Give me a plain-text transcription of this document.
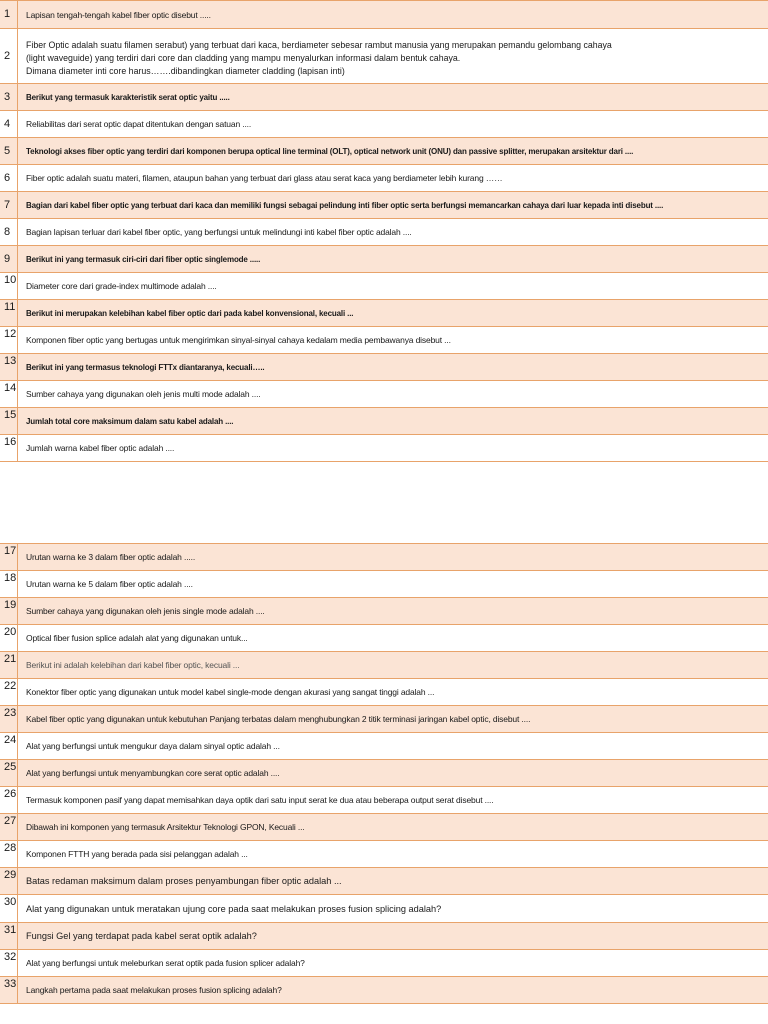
1	Lapisan tengah-tengah kabel fiber optic disebut .....
2
Fiber Optic adalah suatu filamen serabut) yang terbuat dari kaca, berdiameter sebesar rambut manusia yang merupakan pemandu gelombang cahaya
(light waveguide) yang terdiri dari core dan cladding yang mampu menyalurkan informasi dalam bentuk cahaya.
Dimana diameter inti core harus…….dibandingkan diameter cladding (lapisan inti)
3	Berikut yang termasuk karakteristik serat optic yaitu .....
4	Reliabilitas dari serat optic dapat ditentukan dengan satuan ....
5	Teknologi akses fiber optic yang terdiri dari komponen berupa optical line terminal (OLT), optical network unit (ONU) dan passive splitter, merupakan arsitektur dari ....
6	Fiber optic adalah suatu materi, filamen, ataupun bahan yang terbuat dari glass atau serat kaca yang berdiameter lebih kurang ……
7	Bagian dari kabel fiber optic yang terbuat dari kaca dan memiliki fungsi sebagai pelindung inti fiber optic serta berfungsi memancarkan cahaya dari luar kepada inti disebut ....
8	Bagian lapisan terluar dari kabel fiber optic, yang berfungsi untuk melindungi inti kabel fiber optic adalah ....
9	Berikut ini yang termasuk ciri-ciri dari fiber optic singlemode .....
10	Diameter core dari grade-index multimode adalah ....
11	Berikut ini merupakan kelebihan kabel fiber optic dari pada kabel konvensional, kecuali ...
12	Komponen fiber optic yang bertugas untuk mengirimkan sinyal-sinyal cahaya kedalam media pembawanya disebut ...
13	Berikut ini yang termasus teknologi FTTx diantaranya, kecuali…..
14	Sumber cahaya yang digunakan oleh jenis multi mode adalah ....
15	Jumlah total core maksimum dalam satu kabel adalah ....
16	Jumlah warna kabel fiber optic adalah ....
17	Urutan warna ke 3 dalam fiber optic adalah .....
18	Urutan warna ke 5 dalam fiber optic adalah ....
19	Sumber cahaya yang digunakan oleh jenis single mode adalah ....
20	Optical fiber fusion splice adalah alat yang digunakan untuk...
21	Berikut ini adalah kelebihan dari kabel fiber optic, kecuali ...
22	Konektor fiber optic yang digunakan untuk model kabel single-mode dengan akurasi yang sangat tinggi adalah ...
23	Kabel fiber optic yang digunakan untuk kebutuhan Panjang terbatas dalam menghubungkan 2 titik terminasi jaringan kabel optic, disebut ....
24	Alat yang berfungsi untuk mengukur daya dalam sinyal optic adalah ...
25	Alat yang berfungsi untuk menyambungkan core serat optic adalah ....
26	Termasuk komponen pasif yang dapat memisahkan daya optik dari satu input serat ke dua atau beberapa output serat disebut ....
27	Dibawah ini komponen yang termasuk Arsitektur Teknologi GPON, Kecuali ...
28	Komponen FTTH yang berada pada sisi pelanggan adalah ...
29	Batas redaman maksimum dalam proses penyambungan fiber optic adalah ...
30
Alat yang digunakan untuk meratakan ujung core pada saat melakukan proses fusion splicing adalah?
31	Fungsi Gel yang terdapat pada kabel serat optik adalah?
32	Alat yang berfungsi untuk meleburkan serat optik pada fusion splicer adalah?
33	Langkah pertama pada saat melakukan proses fusion splicing adalah?
